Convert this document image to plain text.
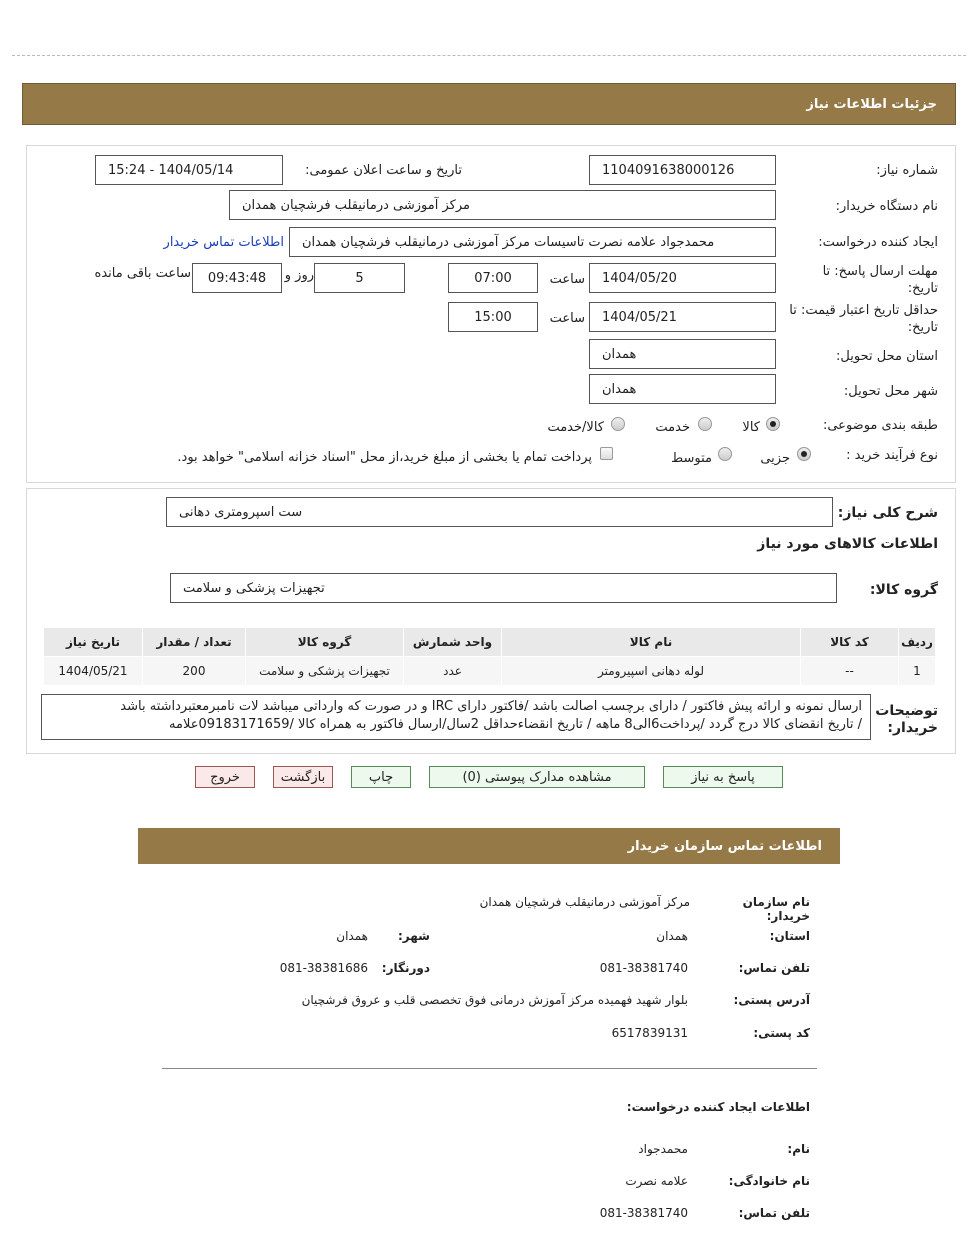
جزئیات اطلاعات نیاز
شماره نیاز:
1104091638000126
تاریخ و ساعت اعلان عمومی:
1404/05/14 - 15:24
نام دستگاه خریدار:
مرکز آموزشی درمانیقلب فرشچیان همدان
ایجاد کننده درخواست:
محمدجواد علامه نصرت تاسیسات مرکز آموزشی درمانیقلب فرشچیان همدان
اطلاعات تماس خریدار
مهلت ارسال پاسخ: تا تاریخ:
1404/05/20
ساعت
07:00
5
روز و
09:43:48
ساعت باقی مانده
حداقل تاریخ اعتبار قیمت: تا تاریخ:
1404/05/21
ساعت
15:00
استان محل تحویل:
همدان
شهر محل تحویل:
همدان
طبقه بندی موضوعی:
کالا
خدمت
کالا/خدمت
نوع فرآیند خرید :
جزیی
متوسط
پرداخت تمام یا بخشی از مبلغ خرید،از محل "اسناد خزانه اسلامی" خواهد بود.
شرح کلی نیاز:
ست اسپرومتری دهانی
اطلاعات کالاهای مورد نیاز
گروه کالا:
تجهیزات پزشکی و سلامت
ردیف	کد کالا	نام کالا	واحد شمارش	گروه کالا	تعداد / مقدار	تاریخ نیاز
1	--	لوله دهانی اسپیرومتر	عدد	تجهیزات پزشکی و سلامت	200	1404/05/21
توضیحات خریدار:
ارسال نمونه و ارائه پیش فاکتور / دارای برچسب اصالت باشد /فاکتور دارای IRC و در صورت که وارداتی میباشد لات نامبرمعتبرداشته باشد
/ تاریخ انقضای کالا درج گردد /پرداخت6الی8 ماهه / تاریخ انقضاءحداقل 2سال/ارسال فاکتور به همراه کالا /09183171659علامه
پاسخ به نیاز
مشاهده مدارک پیوستی (0)
چاپ
بازگشت
خروج
اطلاعات تماس سازمان خریدار
نام سازمان خریدار:
مرکز آموزشی درمانیقلب فرشچیان همدان
استان:
همدان
شهر:
همدان
تلفن تماس:
081-38381740
دورنگار:
081-38381686
آدرس پستی:
بلوار شهید فهمیده مرکز آموزش درمانی فوق تخصصی قلب و عروق فرشچیان
کد پستی:
6517839131
اطلاعات ایجاد کننده درخواست:
نام:
محمدجواد
نام خانوادگی:
علامه نصرت
تلفن تماس:
081-38381740
